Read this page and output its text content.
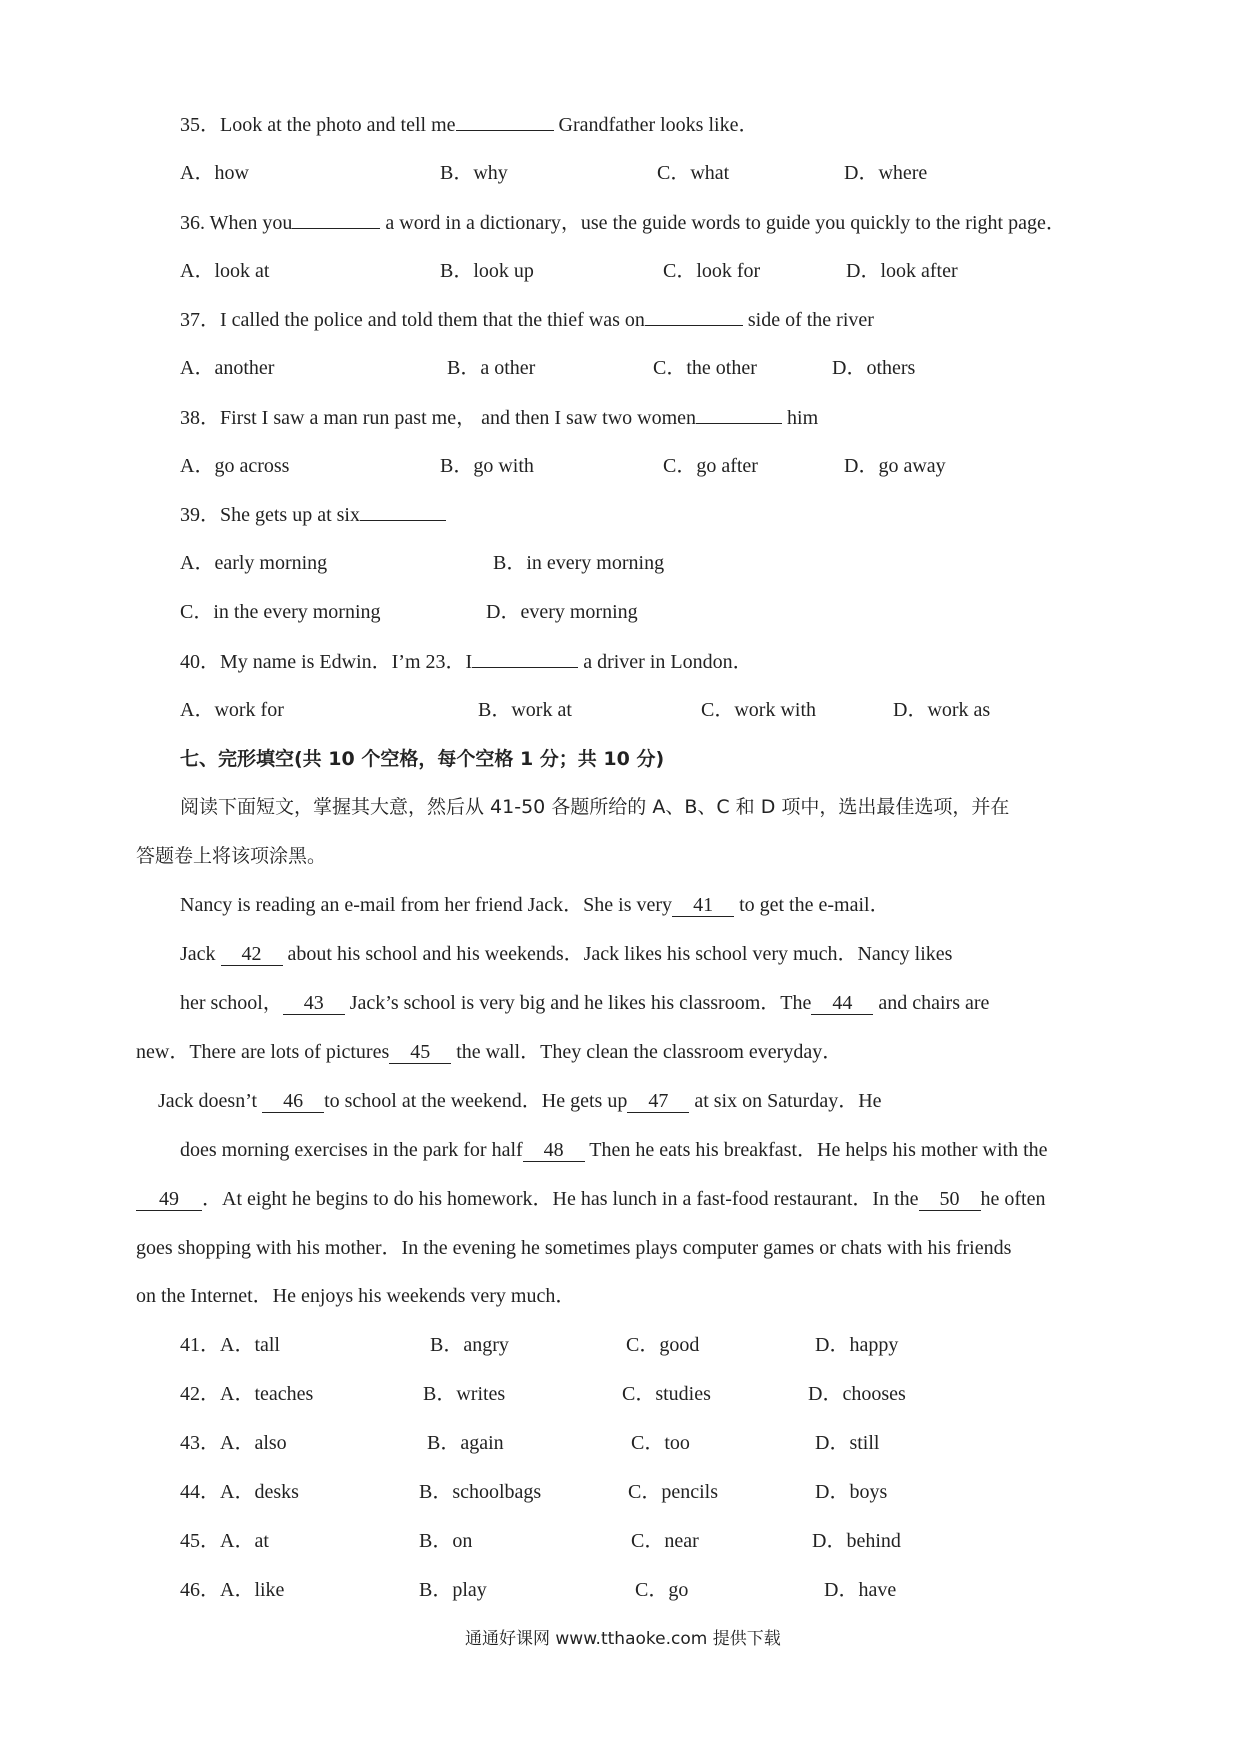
35．Look at the photo and tell me	Grandfather looks like．
A．how	B．why	C．what	D．where
36. When you	a word in a dictionary，use the guide words to guide you quickly to the right page．
A．look at	B．look up	C．look for	D．look after
37．I called the police and told them that the thief was on	side of the river
A．another	B．a other	C．the other	D．others
38．First I saw a man run past me， and then I saw two women	him
A．go across	B．go with	C．go after	D．go away
39．She gets up at six
A．early morning	B．in every morning
C．in the every morning	D．every morning
40．My name is Edwin．I’m 23．I	a driver in London．
A．work for	B．work at	C．work with	D．work as
七、完形填空(共 10 个空格，每个空格 1 分；共 10 分)
阅读下面短文，掌握其大意，然后从 41-50 各题所给的 A、B、C 和 D 项中，选出最佳选项，并在
答题卷上将该项涂黑。
Nancy is reading an e-mail from her friend Jack．She is very 41 to get the e-mail．
Jack 42 about his school and his weekends．Jack likes his school very much．Nancy likes
her school， 43 Jack’s school is very big and he likes his classroom．The 44 and chairs are
new．There are lots of pictures 45 the wall．They clean the classroom everyday．
Jack doesn’t 46 to school at the weekend．He gets up 47 at six on Saturday．He
does morning exercises in the park for half 48 Then he eats his breakfast．He helps his mother with the
49 ．At eight he begins to do his homework．He has lunch in a fast-food restaurant．In the 50 he often
goes shopping with his mother．In the evening he sometimes plays computer games or chats with his friends
on the Internet．He enjoys his weekends very much．
41．A．tall	B．angry	C．good	D．happy
42．A．teaches	B．writes	C．studies	D．chooses
43．A．also	B．again	C．too	D．still
44．A．desks	B．schoolbags	C．pencils	D．boys
45．A．at	B．on	C．near	D．behind
46．A．like	B．play	C．go	D．have
通通好课网 www.tthaoke.com 提供下载
